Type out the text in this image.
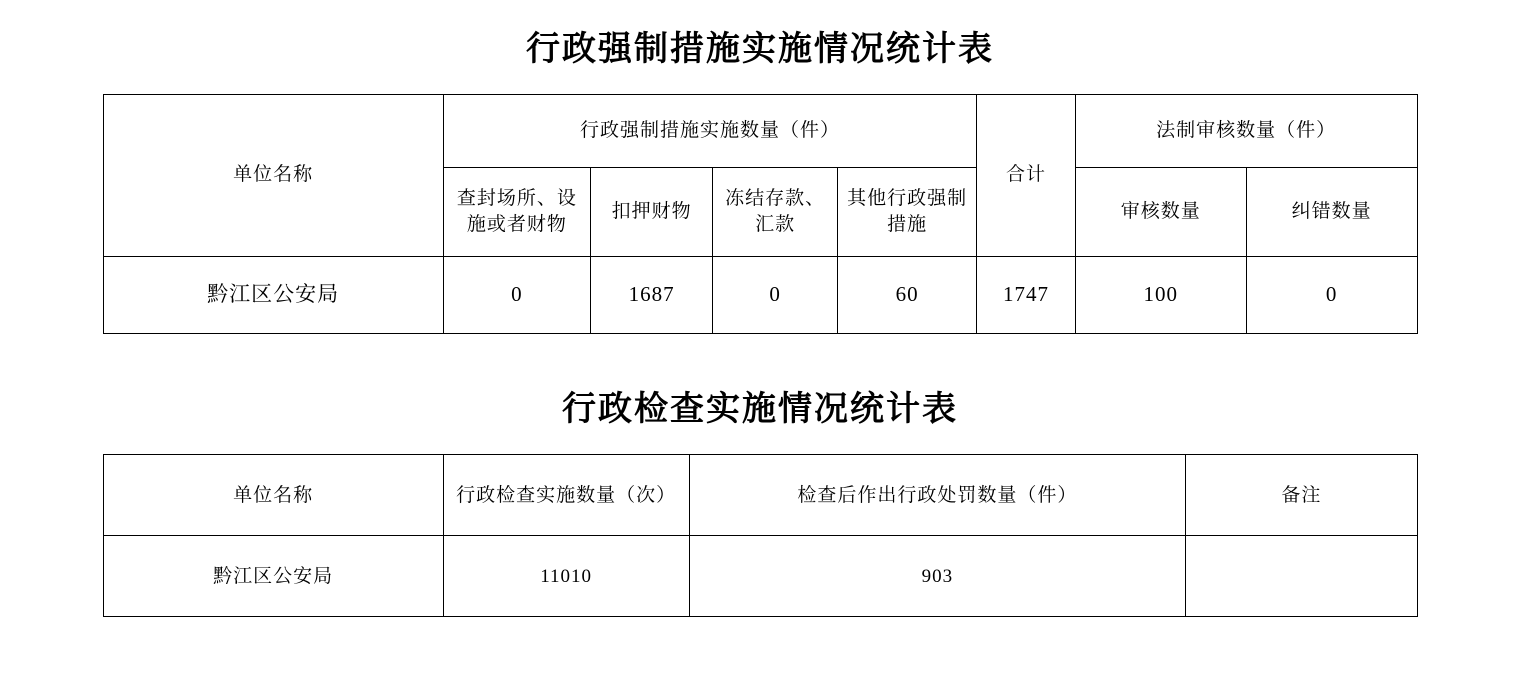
行政强制措施实施情况统计表
单位名称	行政强制措施实施数量（件）				合计	法制审核数量（件）	
	查封场所、设施或者财物	扣押财物	冻结存款、汇款	其他行政强制措施		审核数量	纠错数量
黔江区公安局	0	1687	0	60	1747	100	0
行政检查实施情况统计表
单位名称	行政检查实施数量（次）	检查后作出行政处罚数量（件）	备注
黔江区公安局	11010	903	
